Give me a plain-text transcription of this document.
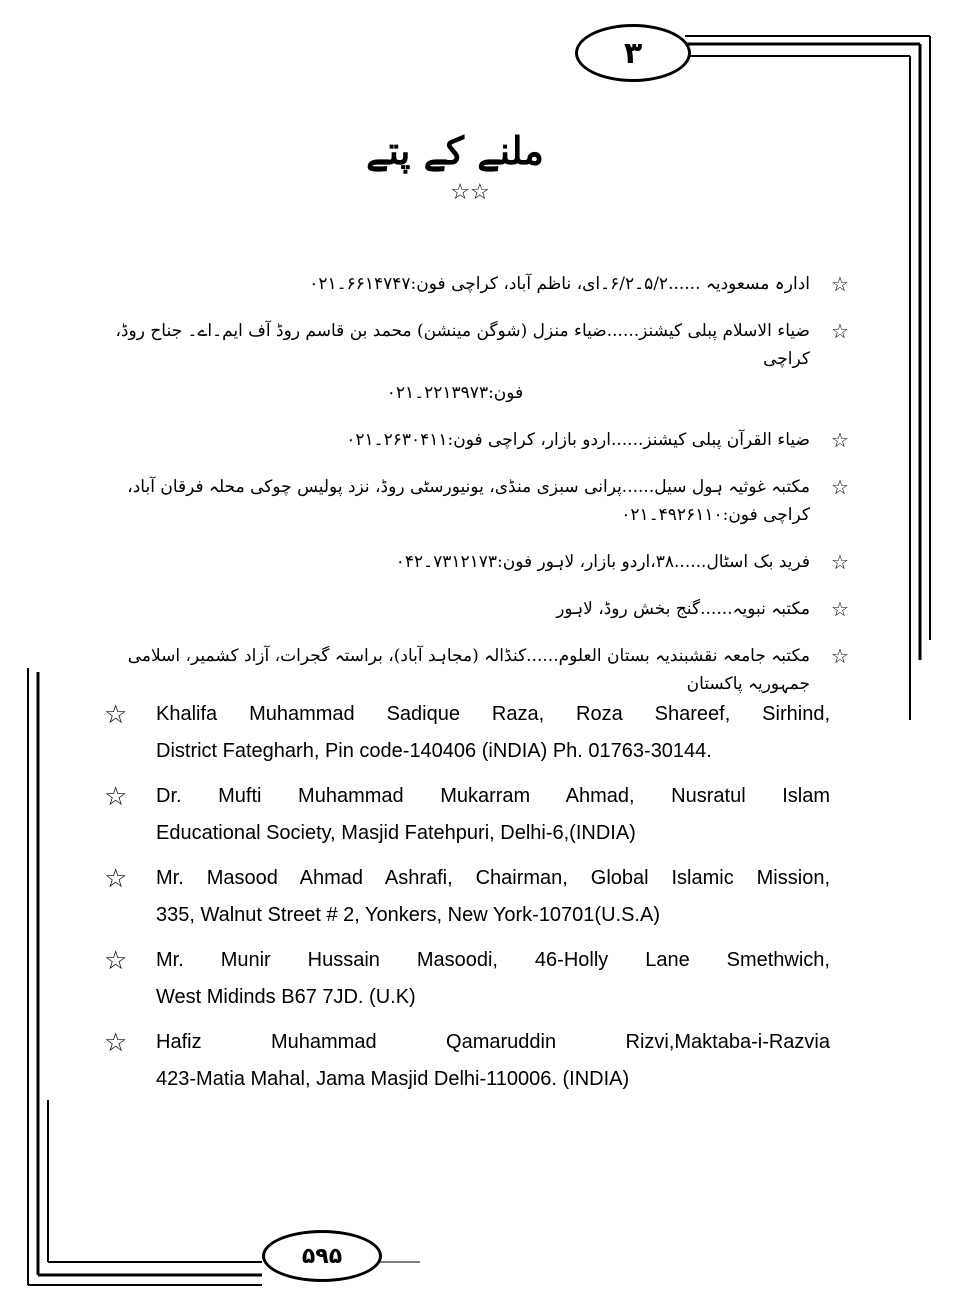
۳
ملنے کے پتے
☆☆
☆
ادارہ مسعودیہ ......۵/۲۔۶/۲۔ای، ناظم آباد، کراچی فون:۶۶۱۴۷۴۷۔۰۲۱
☆
ضیاء الاسلام پبلی کیشنز......ضیاء منزل (شوگن مینشن) محمد بن قاسم روڈ آف ایم۔اے۔ جناح روڈ، کراچی
فون:۲۲۱۳۹۷۳۔۰۲۱
☆
ضیاء القرآن پبلی کیشنز......اردو بازار، کراچی فون:۲۶۳۰۴۱۱۔۰۲۱
☆
مکتبہ غوثیہ ہول سیل......پرانی سبزی منڈی، یونیورسٹی روڈ، نزد پولیس چوکی محلہ فرقان آباد، کراچی فون:۴۹۲۶۱۱۰۔۰۲۱
☆
فرید بک اسٹال......۳۸،اردو بازار، لاہور فون:۷۳۱۲۱۷۳۔۰۴۲
☆
مکتبہ نبویہ......گنج بخش روڈ، لاہور
☆
مکتبہ جامعہ نقشبندیہ بستان العلوم......کنڈالہ (مجاہد آباد)، براستہ گجرات، آزاد کشمیر، اسلامی جمہوریہ پاکستان
☆	Khalifa Muhammad Sadique Raza, Roza Shareef, Sirhind,
District Fategharh, Pin code-140406 (iNDIA) Ph. 01763-30144.
☆	Dr. Mufti Muhammad Mukarram Ahmad, Nusratul Islam
Educational Society, Masjid Fatehpuri, Delhi-6,(INDIA)
☆	Mr. Masood Ahmad Ashrafi, Chairman, Global Islamic Mission,
335, Walnut Street # 2, Yonkers, New York-10701(U.S.A)
☆	Mr. Munir Hussain Masoodi, 46-Holly Lane Smethwich,
West Midinds B67 7JD. (U.K)
☆	Hafiz Muhammad Qamaruddin Rizvi,Maktaba-i-Razvia
423-Matia Mahal, Jama Masjid Delhi-110006. (INDIA)
۵۹۵
